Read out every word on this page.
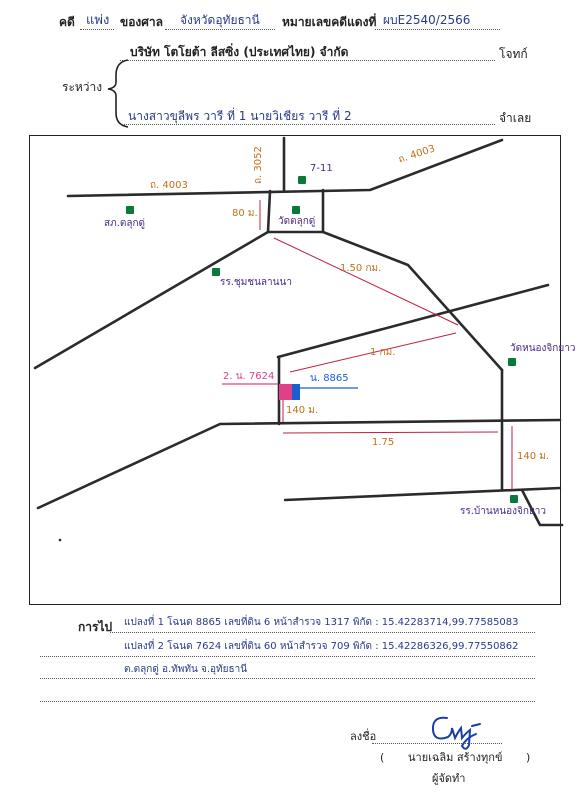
คดี แพ่ง ของศาล จังหวัดอุทัยธานี หมายเลขคดีแดงที่ ผบE2540/2566
บริษัท โตโยต้า ลีสซิ่ง (ประเทศไทย) จำกัด	โจทก์
ระหว่าง
นางสาวขุลีพร วารี ที่ 1 นายวิเชียร วารี ที่ 2	จำเลย
ถ. 4003
ถ. 4003
ถ. 3052	7-11
สภ.ตลุกดู่	วัดตลุกดู่
80 ม.
รร.ชุมชนลานนา
1.50 กม.
1 กม.
2. น. 7624	น. 8865
140 ม.
1.75
140 ม.
วัดหนองจิกยาว
รร.บ้านหนองจิกยาว
การไป แปลงที่ 1 โฉนด 8865 เลขที่ดิน 6 หน้าสำรวจ 1317 พิกัด : 15.42283714,99.77585083
แปลงที่ 2 โฉนด 7624 เลขที่ดิน 60 หน้าสำรวจ 709 พิกัด : 15.42286326,99.77550862
ต.ตลุกดู่ อ.ทัพทัน จ.อุทัยธานี
ลงชื่อ
( นายเฉลิม สร้างทุกข์ )
ผู้จัดทำ
